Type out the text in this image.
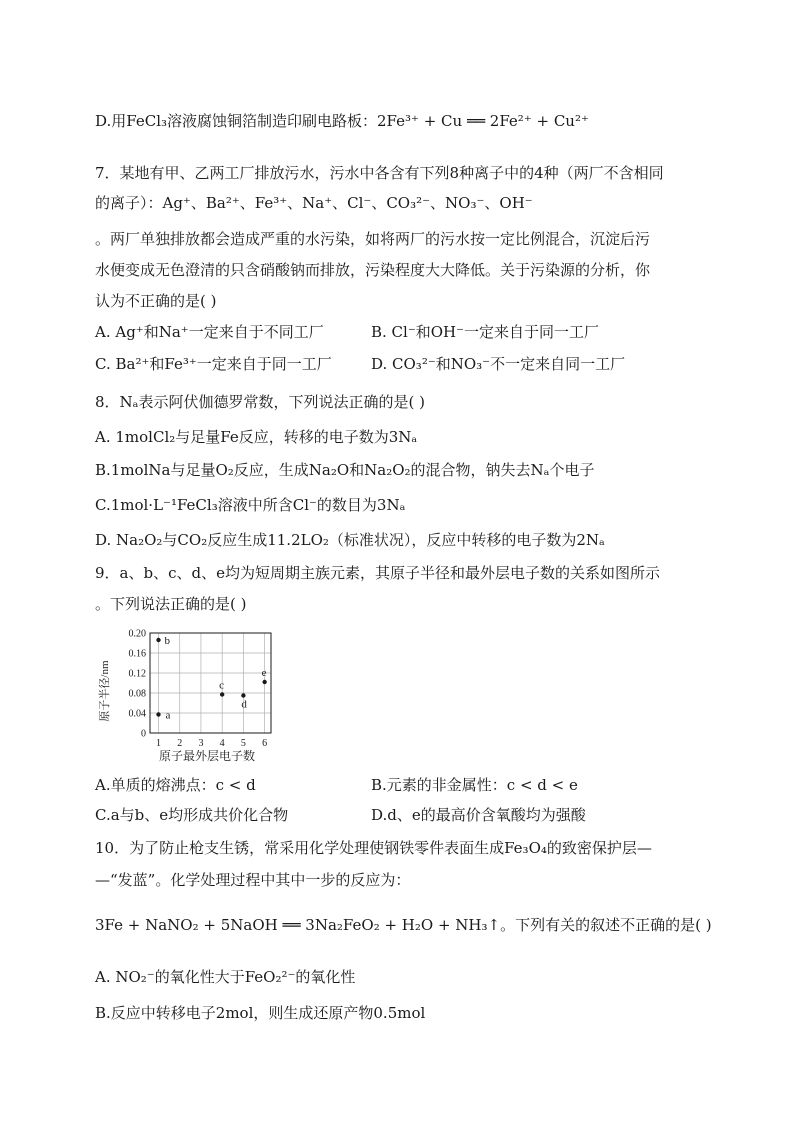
D.用FeCl₃溶液腐蚀铜箔制造印刷电路板：2Fe³⁺ + Cu ══ 2Fe²⁺ + Cu²⁺
7．某地有甲、乙两工厂排放污水，污水中各含有下列8种离子中的4种（两厂不含相同
的离子）：Ag⁺、Ba²⁺、Fe³⁺、Na⁺、Cl⁻、CO₃²⁻、NO₃⁻、OH⁻
。两厂单独排放都会造成严重的水污染，如将两厂的污水按一定比例混合，沉淀后污
水便变成无色澄清的只含硝酸钠而排放，污染程度大大降低。关于污染源的分析，你
认为不正确的是( )
A. Ag⁺和Na⁺一定来自于不同工厂	B. Cl⁻和OH⁻一定来自于同一工厂
C. Ba²⁺和Fe³⁺一定来自于同一工厂	D. CO₃²⁻和NO₃⁻不一定来自同一工厂
8．Nₐ表示阿伏伽德罗常数，下列说法正确的是( )
A. 1molCl₂与足量Fe反应，转移的电子数为3Nₐ
B.1molNa与足量O₂反应，生成Na₂O和Na₂O₂的混合物，钠失去Nₐ个电子
C.1mol·L⁻¹FeCl₃溶液中所含Cl⁻的数目为3Nₐ
D. Na₂O₂与CO₂反应生成11.2LO₂（标准状况），反应中转移的电子数为2Nₐ
9．a、b、c、d、e均为短周期主族元素，其原子半径和最外层电子数的关系如图所示
。下列说法正确的是( )
0
0.04
0.08
0.12
0.16
0.20
1 2 3 4 5 6
a
b
c
d
e
原子最外层电子数
原子半径/nm
A.单质的熔沸点：c < d	B.元素的非金属性：c < d < e
C.a与b、e均形成共价化合物	D.d、e的最高价含氧酸均为强酸
10．为了防止枪支生锈，常采用化学处理使钢铁零件表面生成Fe₃O₄的致密保护层—
—“发蓝”。化学处理过程中其中一步的反应为：
3Fe + NaNO₂ + 5NaOH ══ 3Na₂FeO₂ + H₂O + NH₃↑。下列有关的叙述不正确的是( )
A. NO₂⁻的氧化性大于FeO₂²⁻的氧化性
B.反应中转移电子2mol，则生成还原产物0.5mol
